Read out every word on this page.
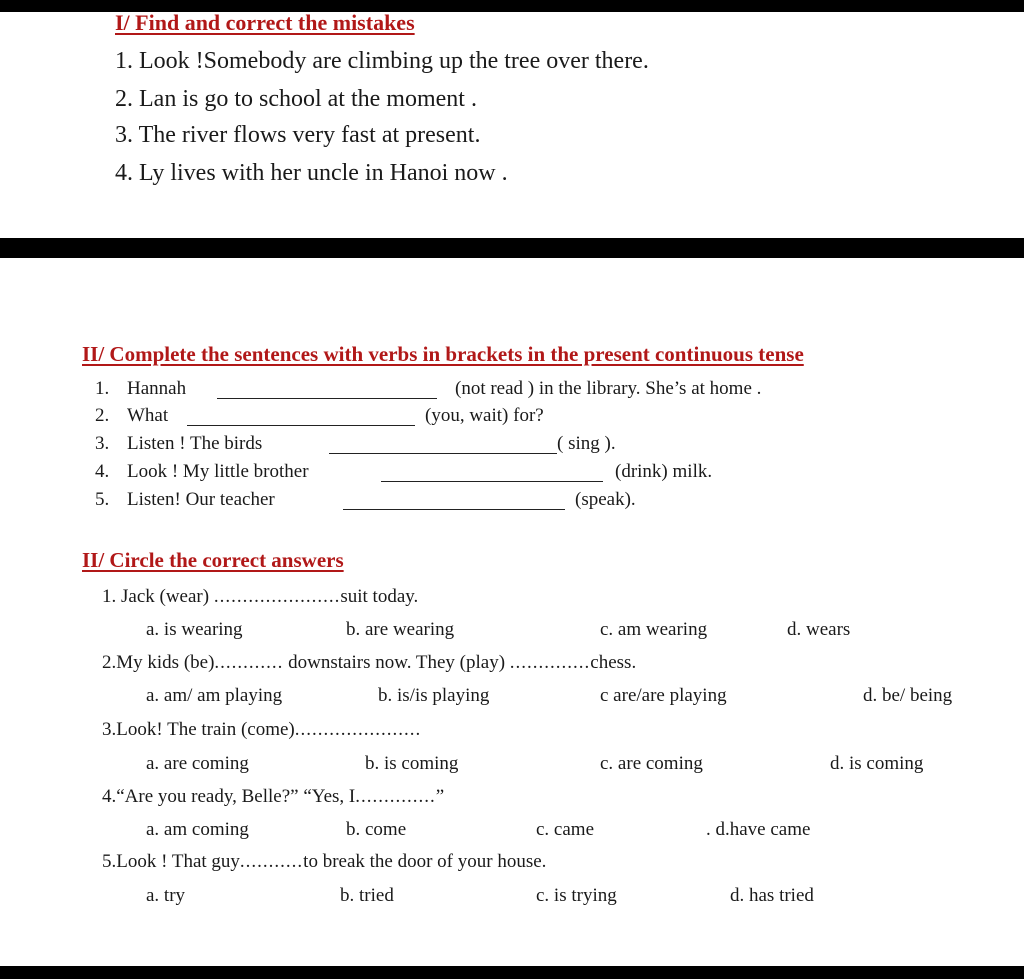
I/ Find and correct the mistakes
1. Look !Somebody are climbing up the tree over there.
2. Lan is go to school at the moment .
3. The river flows very fast at present.
4. Ly lives with her uncle in Hanoi now .
II/ Complete the sentences with verbs in brackets in the present continuous tense
1. Hannah	(not read ) in the library. She’s at home .
2. What	(you, wait) for?
3. Listen ! The birds	( sing ).
4. Look ! My little brother	(drink) milk.
5. Listen! Our teacher	(speak).
II/ Circle the correct answers
1. Jack (wear) ......................suit today.
a. is wearing	b. are wearing	c. am wearing	d. wears
2.My kids (be)............ downstairs now. They (play) ..............chess.
a. am/ am playing	b. is/is playing	c are/are playing	d. be/ being
3.Look! The train (come)......................
a. are coming	b. is coming	c. are coming	d. is coming
4.“Are you ready, Belle?” “Yes, I..............”
a. am coming	b. come	c. came	. d.have came
5.Look ! That guy...........to break the door of your house.
a. try	b. tried	c. is trying	d. has tried
